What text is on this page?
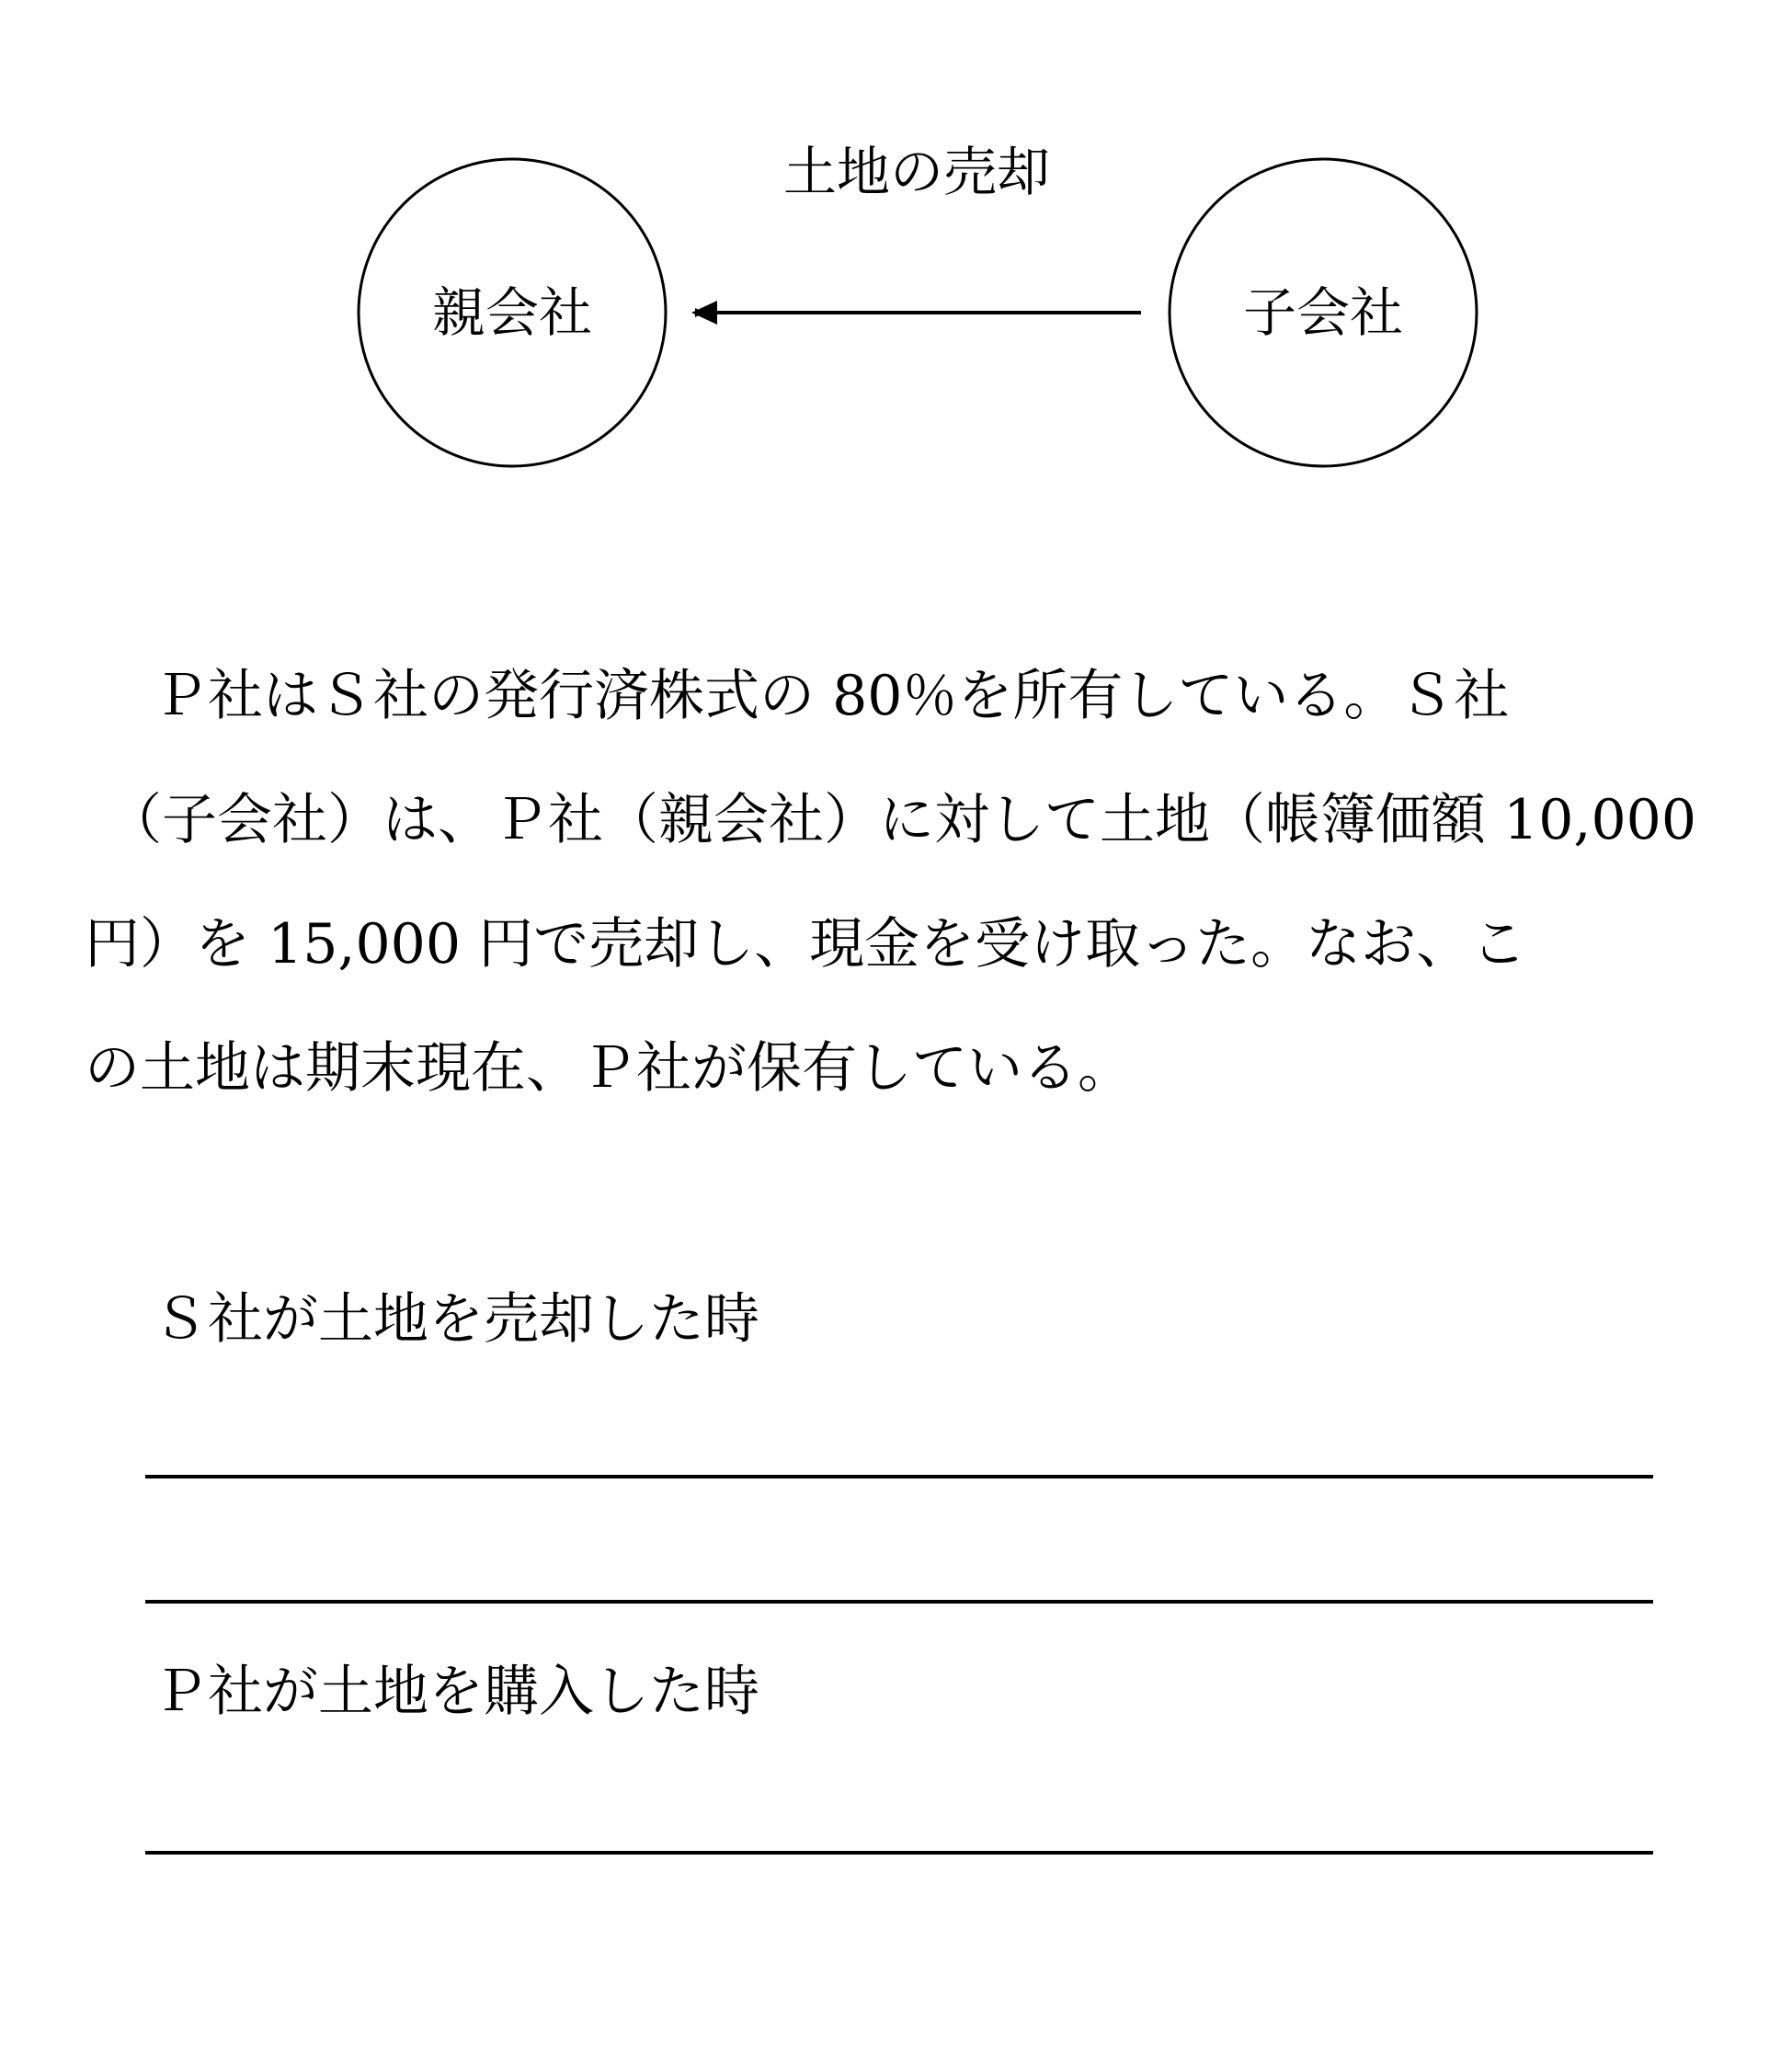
土地の売却
親会社	子会社
Ｐ社はＳ社の発行済株式の 80％を所有している。Ｓ社
（子会社）は、Ｐ社（親会社）に対して土地（帳簿価額 10,000
円）を 15,000 円で売却し、現金を受け取った。なお、こ
の土地は期末現在、Ｐ社が保有している。
Ｓ社が土地を売却した時
Ｐ社が土地を購入した時
